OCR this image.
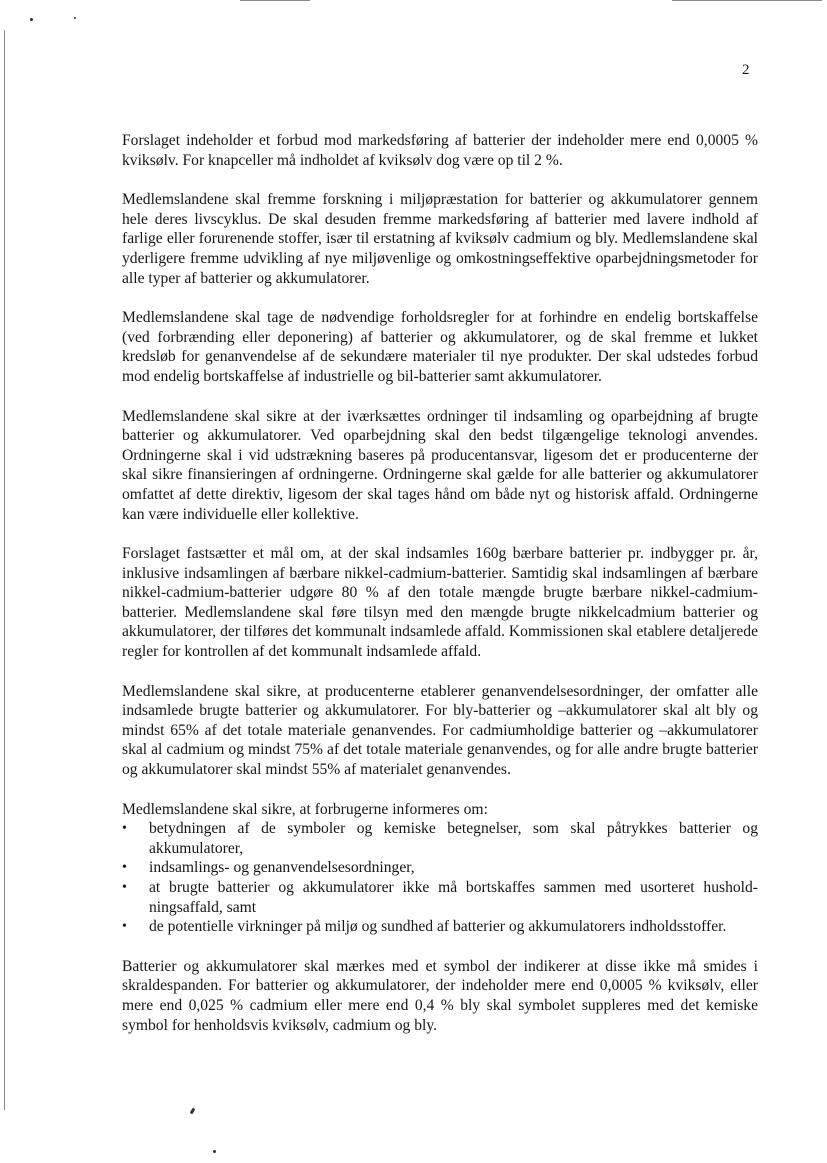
2

Forslaget indeholder et forbud mod markedsføring af batterier der indeholder mere end 0,0005 % kviksølv. For knapceller må indholdet af kviksølv dog være op til 2 %.

Medlemslandene skal fremme forskning i miljøpræstation for batterier og akkumulatorer gennem hele deres livscyklus. De skal desuden fremme markedsføring af batterier med lavere indhold af farlige eller forurenende stoffer, især til erstatning af kviksølv cadmium og bly. Medlemslandene skal yderligere fremme udvikling af nye miljøvenlige og omkostningseffektive oparbejdningsmetoder for alle typer af batterier og akkumulatorer.

Medlemslandene skal tage de nødvendige forholdsregler for at forhindre en endelig bortskaffelse (ved forbrænding eller deponering) af batterier og akkumulatorer, og de skal fremme et lukket kredsløb for genanvendelse af de sekundære materialer til nye produkter. Der skal udstedes forbud mod endelig bortskaffelse af industrielle og bil-batterier samt akkumulatorer.

Medlemslandene skal sikre at der iværksættes ordninger til indsamling og oparbejdning af brugte batterier og akkumulatorer. Ved oparbejdning skal den bedst tilgængelige teknologi anvendes. Ordningerne skal i vid udstrækning baseres på producentansvar, ligesom det er producenterne der skal sikre finansieringen af ordningerne. Ordningerne skal gælde for alle batterier og akkumulatorer omfattet af dette direktiv, ligesom der skal tages hånd om både nyt og historisk affald. Ordningerne kan være individuelle eller kollektive.

Forslaget fastsætter et mål om, at der skal indsamles 160g bærbare batterier pr. indbygger pr. år, inklusive indsamlingen af bærbare nikkel-cadmium-batterier. Samtidig skal indsamlingen af bærbare nikkel-cadmium-batterier udgøre 80 % af den totale mængde brugte bærbare nikkel-cadmium-batterier. Medlemslandene skal føre tilsyn med den mængde brugte nikkelcadmium batterier og akkumulatorer, der tilføres det kommunalt indsamlede affald. Kommissionen skal etablere detaljerede regler for kontrollen af det kommunalt indsamlede affald.

Medlemslandene skal sikre, at producenterne etablerer genanvendelsesordninger, der omfatter alle indsamlede brugte batterier og akkumulatorer. For bly-batterier og –akkumulatorer skal alt bly og mindst 65% af det totale materiale genanvendes. For cadmiumholdige batterier og –akkumulatorer skal al cadmium og mindst 75% af det totale materiale genanvendes, og for alle andre brugte batterier og akkumulatorer skal mindst 55% af materialet genanvendes.

Medlemslandene skal sikre, at forbrugerne informeres om:

• betydningen af de symboler og kemiske betegnelser, som skal påtrykkes batterier og akkumulatorer,
• indsamlings- og genanvendelsesordninger,
• at brugte batterier og akkumulatorer ikke må bortskaffes sammen med usorteret husholdningsaffald, samt
• de potentielle virkninger på miljø og sundhed af batterier og akkumulatorers indholdsstoffer.

Batterier og akkumulatorer skal mærkes med et symbol der indikerer at disse ikke må smides i skraldespanden. For batterier og akkumulatorer, der indeholder mere end 0,0005 % kviksølv, eller mere end 0,025 % cadmium eller mere end 0,4 % bly skal symbolet suppleres med det kemiske symbol for henholdsvis kviksølv, cadmium og bly.
